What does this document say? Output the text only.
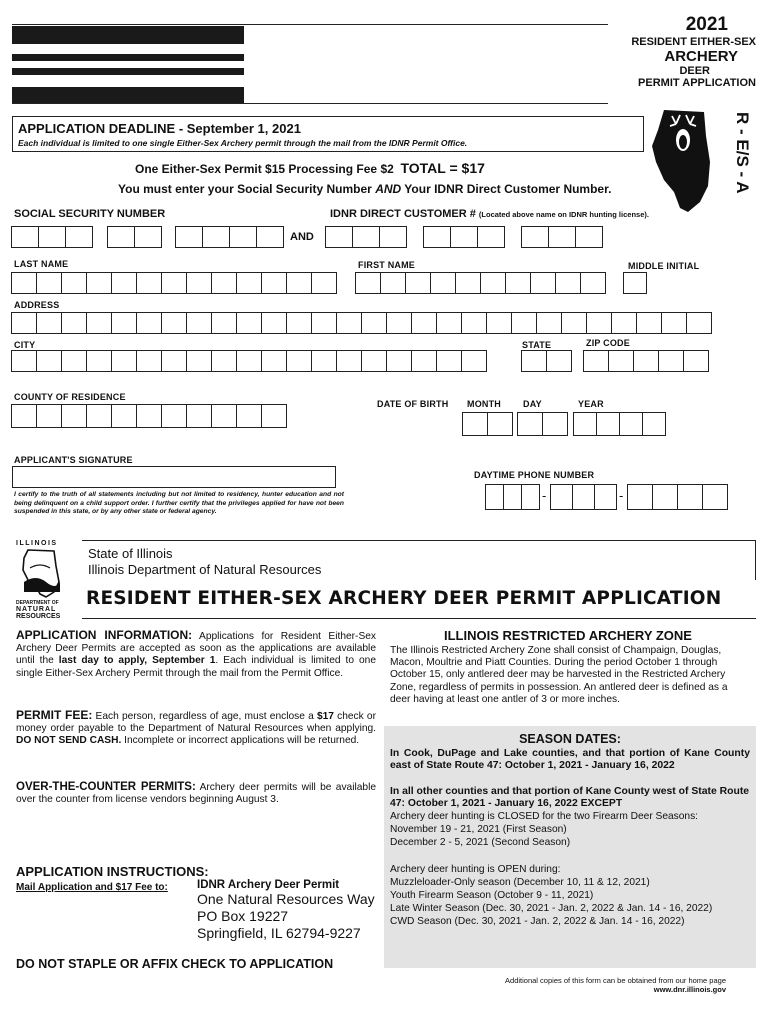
2021
RESIDENT EITHER-SEX
ARCHERY
DEER
PERMIT APPLICATION
APPLICATION DEADLINE - September 1, 2021
Each individual is limited to one single Either-Sex Archery permit through the mail from the IDNR Permit Office.	R - E/S - A
One Either-Sex Permit $15 Processing Fee $2 TOTAL = $17
You must enter your Social Security Number AND Your IDNR Direct Customer Number.
SOCIAL SECURITY NUMBER	IDNR DIRECT CUSTOMER # (Located above name on IDNR hunting license).
AND
LAST NAME	FIRST NAME	MIDDLE INITIAL
ADDRESS
CITY	STATE	ZIP CODE
COUNTY OF RESIDENCE
DATE OF BIRTH MONTH DAY	YEAR
APPLICANT'S SIGNATURE
I certify to the truth of all statements including but not limited to residency, hunter education and not being delinquent on a child support order. I further certify that the privileges applied for have not been suspended in this state, or by any other state or federal agency.
DAYTIME PHONE NUMBER
-	-
ILLINOIS
DEPARTMENT OF
NATURAL
RESOURCES
State of Illinois
Illinois Department of Natural Resources
RESIDENT EITHER-SEX ARCHERY DEER PERMIT APPLICATION
APPLICATION INFORMATION: Applications for Resident Either-Sex Archery Deer Permits are accepted as soon as the applications are available until the last day to apply, September 1. Each individual is limited to one single Either-Sex Archery Permit through the mail from the Permit Office.
PERMIT FEE: Each person, regardless of age, must enclose a $17 check or money order payable to the Department of Natural Resources when applying. DO NOT SEND CASH. Incomplete or incorrect applications will be returned.
OVER-THE-COUNTER PERMITS: Archery deer permits will be available over the counter from license vendors beginning August 3.
APPLICATION INSTRUCTIONS:
Mail Application and $17 Fee to:	IDNR Archery Deer Permit
One Natural Resources Way
PO Box 19227
Springfield, IL 62794-9227
DO NOT STAPLE OR AFFIX CHECK TO APPLICATION
ILLINOIS RESTRICTED ARCHERY ZONE
The Illinois Restricted Archery Zone shall consist of Champaign, Douglas, Macon, Moultrie and Piatt Counties. During the period October 1 through October 15, only antlered deer may be harvested in the Restricted Archery Zone, regardless of permits in possession. An antlered deer is defined as a deer having at least one antler of 3 or more inches.
SEASON DATES:
In Cook, DuPage and Lake counties, and that portion of Kane County east of State Route 47: October 1, 2021 - January 16, 2022
In all other counties and that portion of Kane County west of State Route 47: October 1, 2021 - January 16, 2022 EXCEPT
Archery deer hunting is CLOSED for the two Firearm Deer Seasons:
November 19 - 21, 2021 (First Season)
December 2 - 5, 2021 (Second Season)
Archery deer hunting is OPEN during:
Muzzleloader-Only season (December 10, 11 & 12, 2021)
Youth Firearm Season (October 9 - 11, 2021)
Late Winter Season (Dec. 30, 2021 - Jan. 2, 2022 & Jan. 14 - 16, 2022)
CWD Season (Dec. 30, 2021 - Jan. 2, 2022 & Jan. 14 - 16, 2022)
Additional copies of this form can be obtained from our home page
www.dnr.illinois.gov
